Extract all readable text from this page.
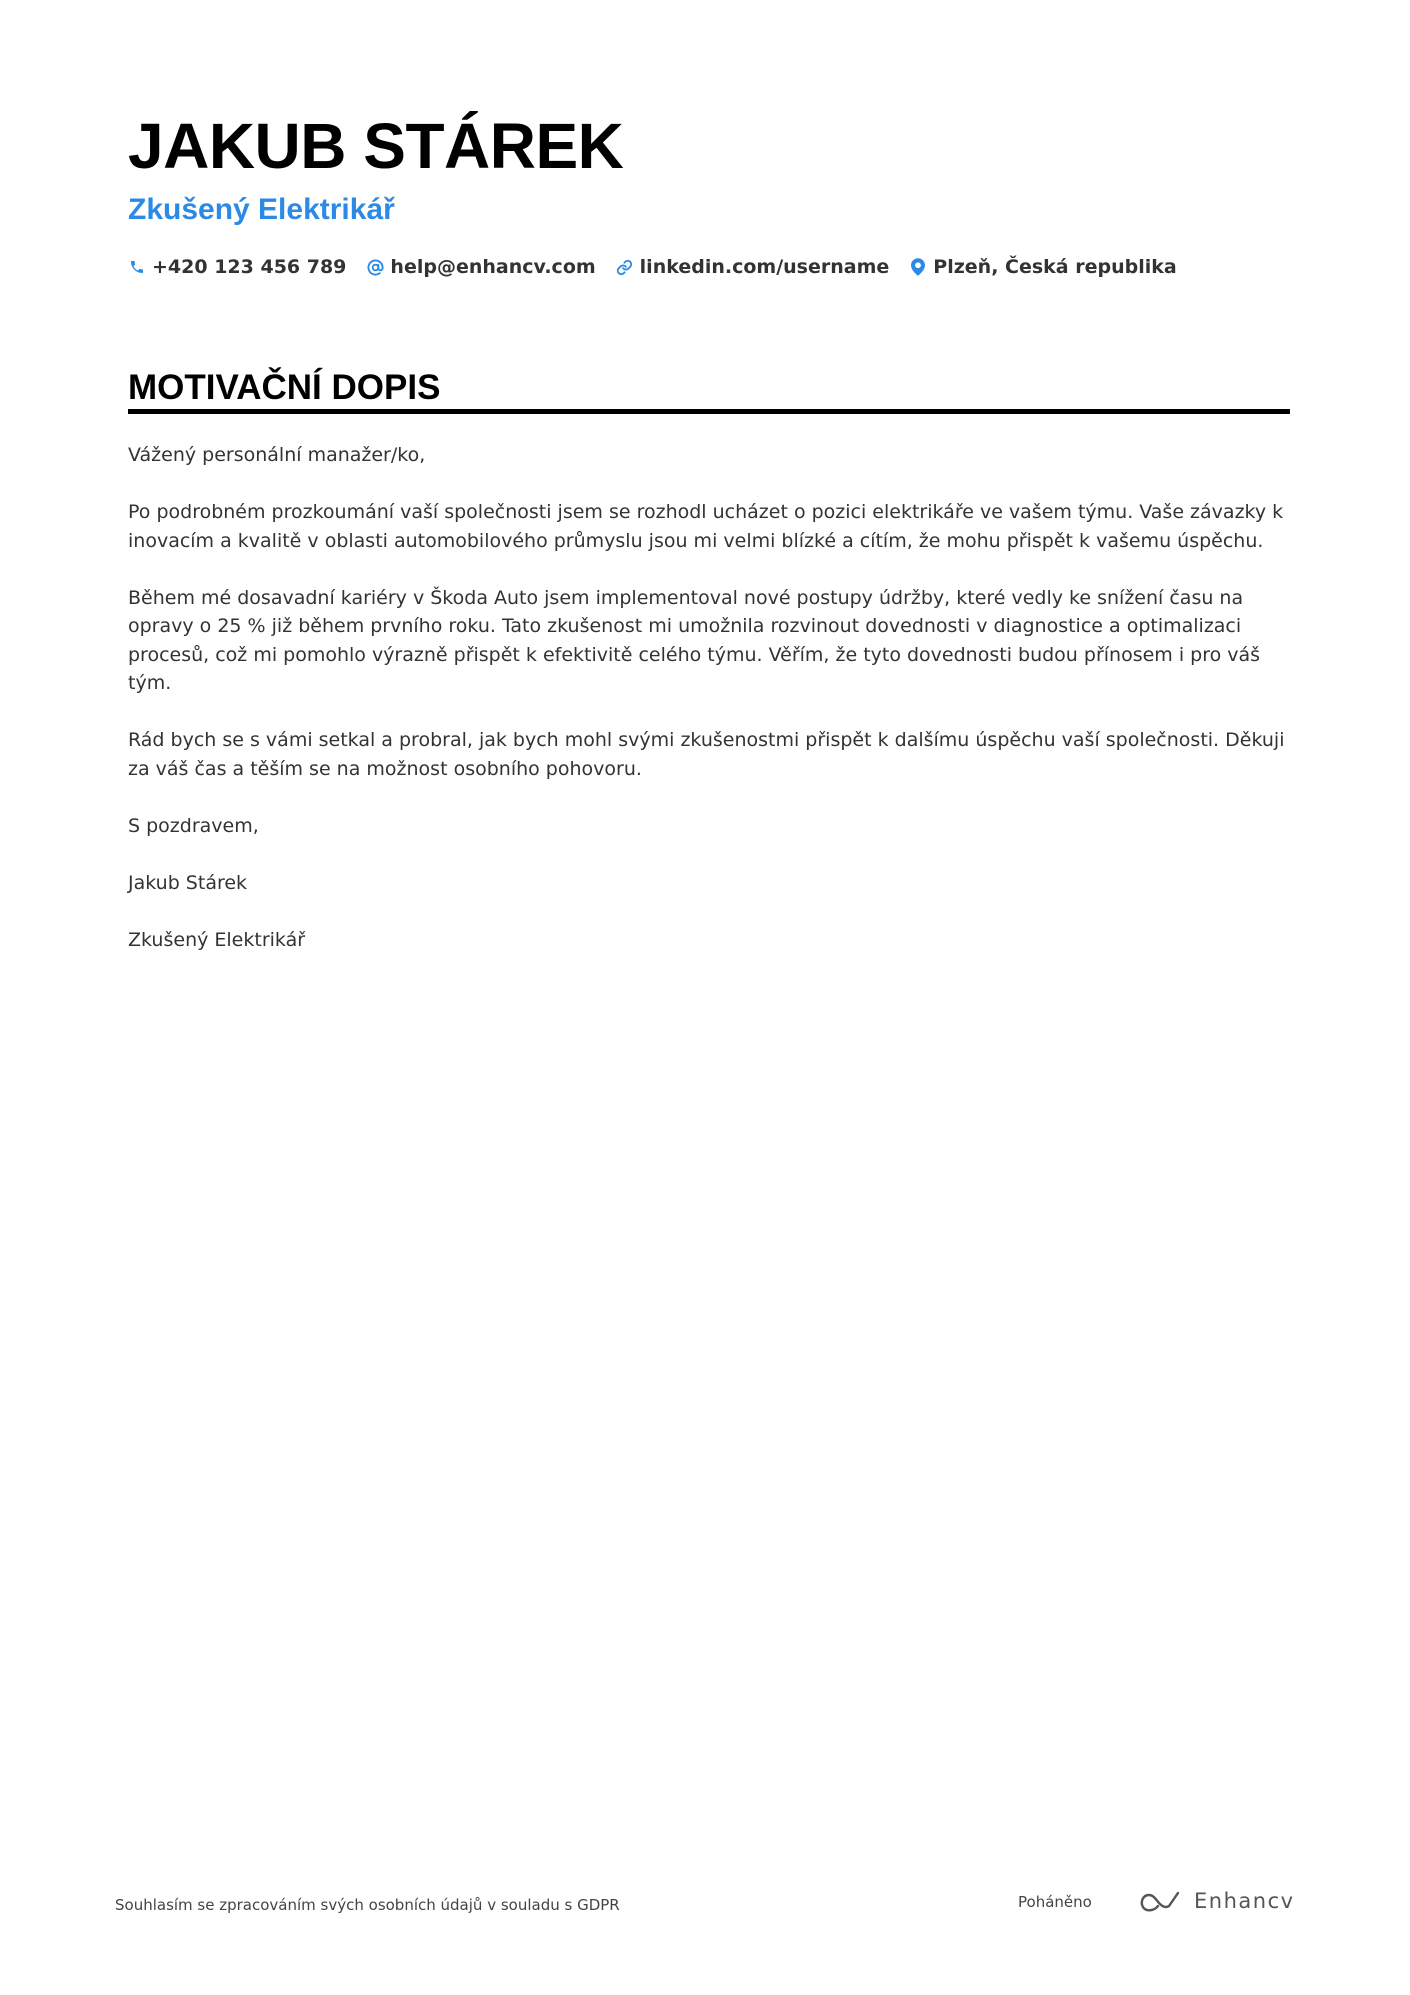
JAKUB STÁREK
Zkušený Elektrikář
+420 123 456 789 help@enhancv.com linkedin.com/username Plzeň, Česká republika
MOTIVAČNÍ DOPIS

Vážený personální manažer/ko,

Po podrobném prozkoumání vaší společnosti jsem se rozhodl ucházet o pozici elektrikáře ve vašem týmu. Vaše závazky k inovacím a kvalitě v oblasti automobilového průmyslu jsou mi velmi blízké a cítím, že mohu přispět k vašemu úspěchu.

Během mé dosavadní kariéry v Škoda Auto jsem implementoval nové postupy údržby, které vedly ke snížení času na opravy o 25 % již během prvního roku. Tato zkušenost mi umožnila rozvinout dovednosti v diagnostice a optimalizaci procesů, což mi pomohlo výrazně přispět k efektivitě celého týmu. Věřím, že tyto dovednosti budou přínosem i pro váš tým.

Rád bych se s vámi setkal a probral, jak bych mohl svými zkušenostmi přispět k dalšímu úspěchu vaší společnosti. Děkuji za váš čas a těším se na možnost osobního pohovoru.

S pozdravem,

Jakub Stárek

Zkušený Elektrikář

Souhlasím se zpracováním svých osobních údajů v souladu s GDPR	Poháněno	Enhancv
